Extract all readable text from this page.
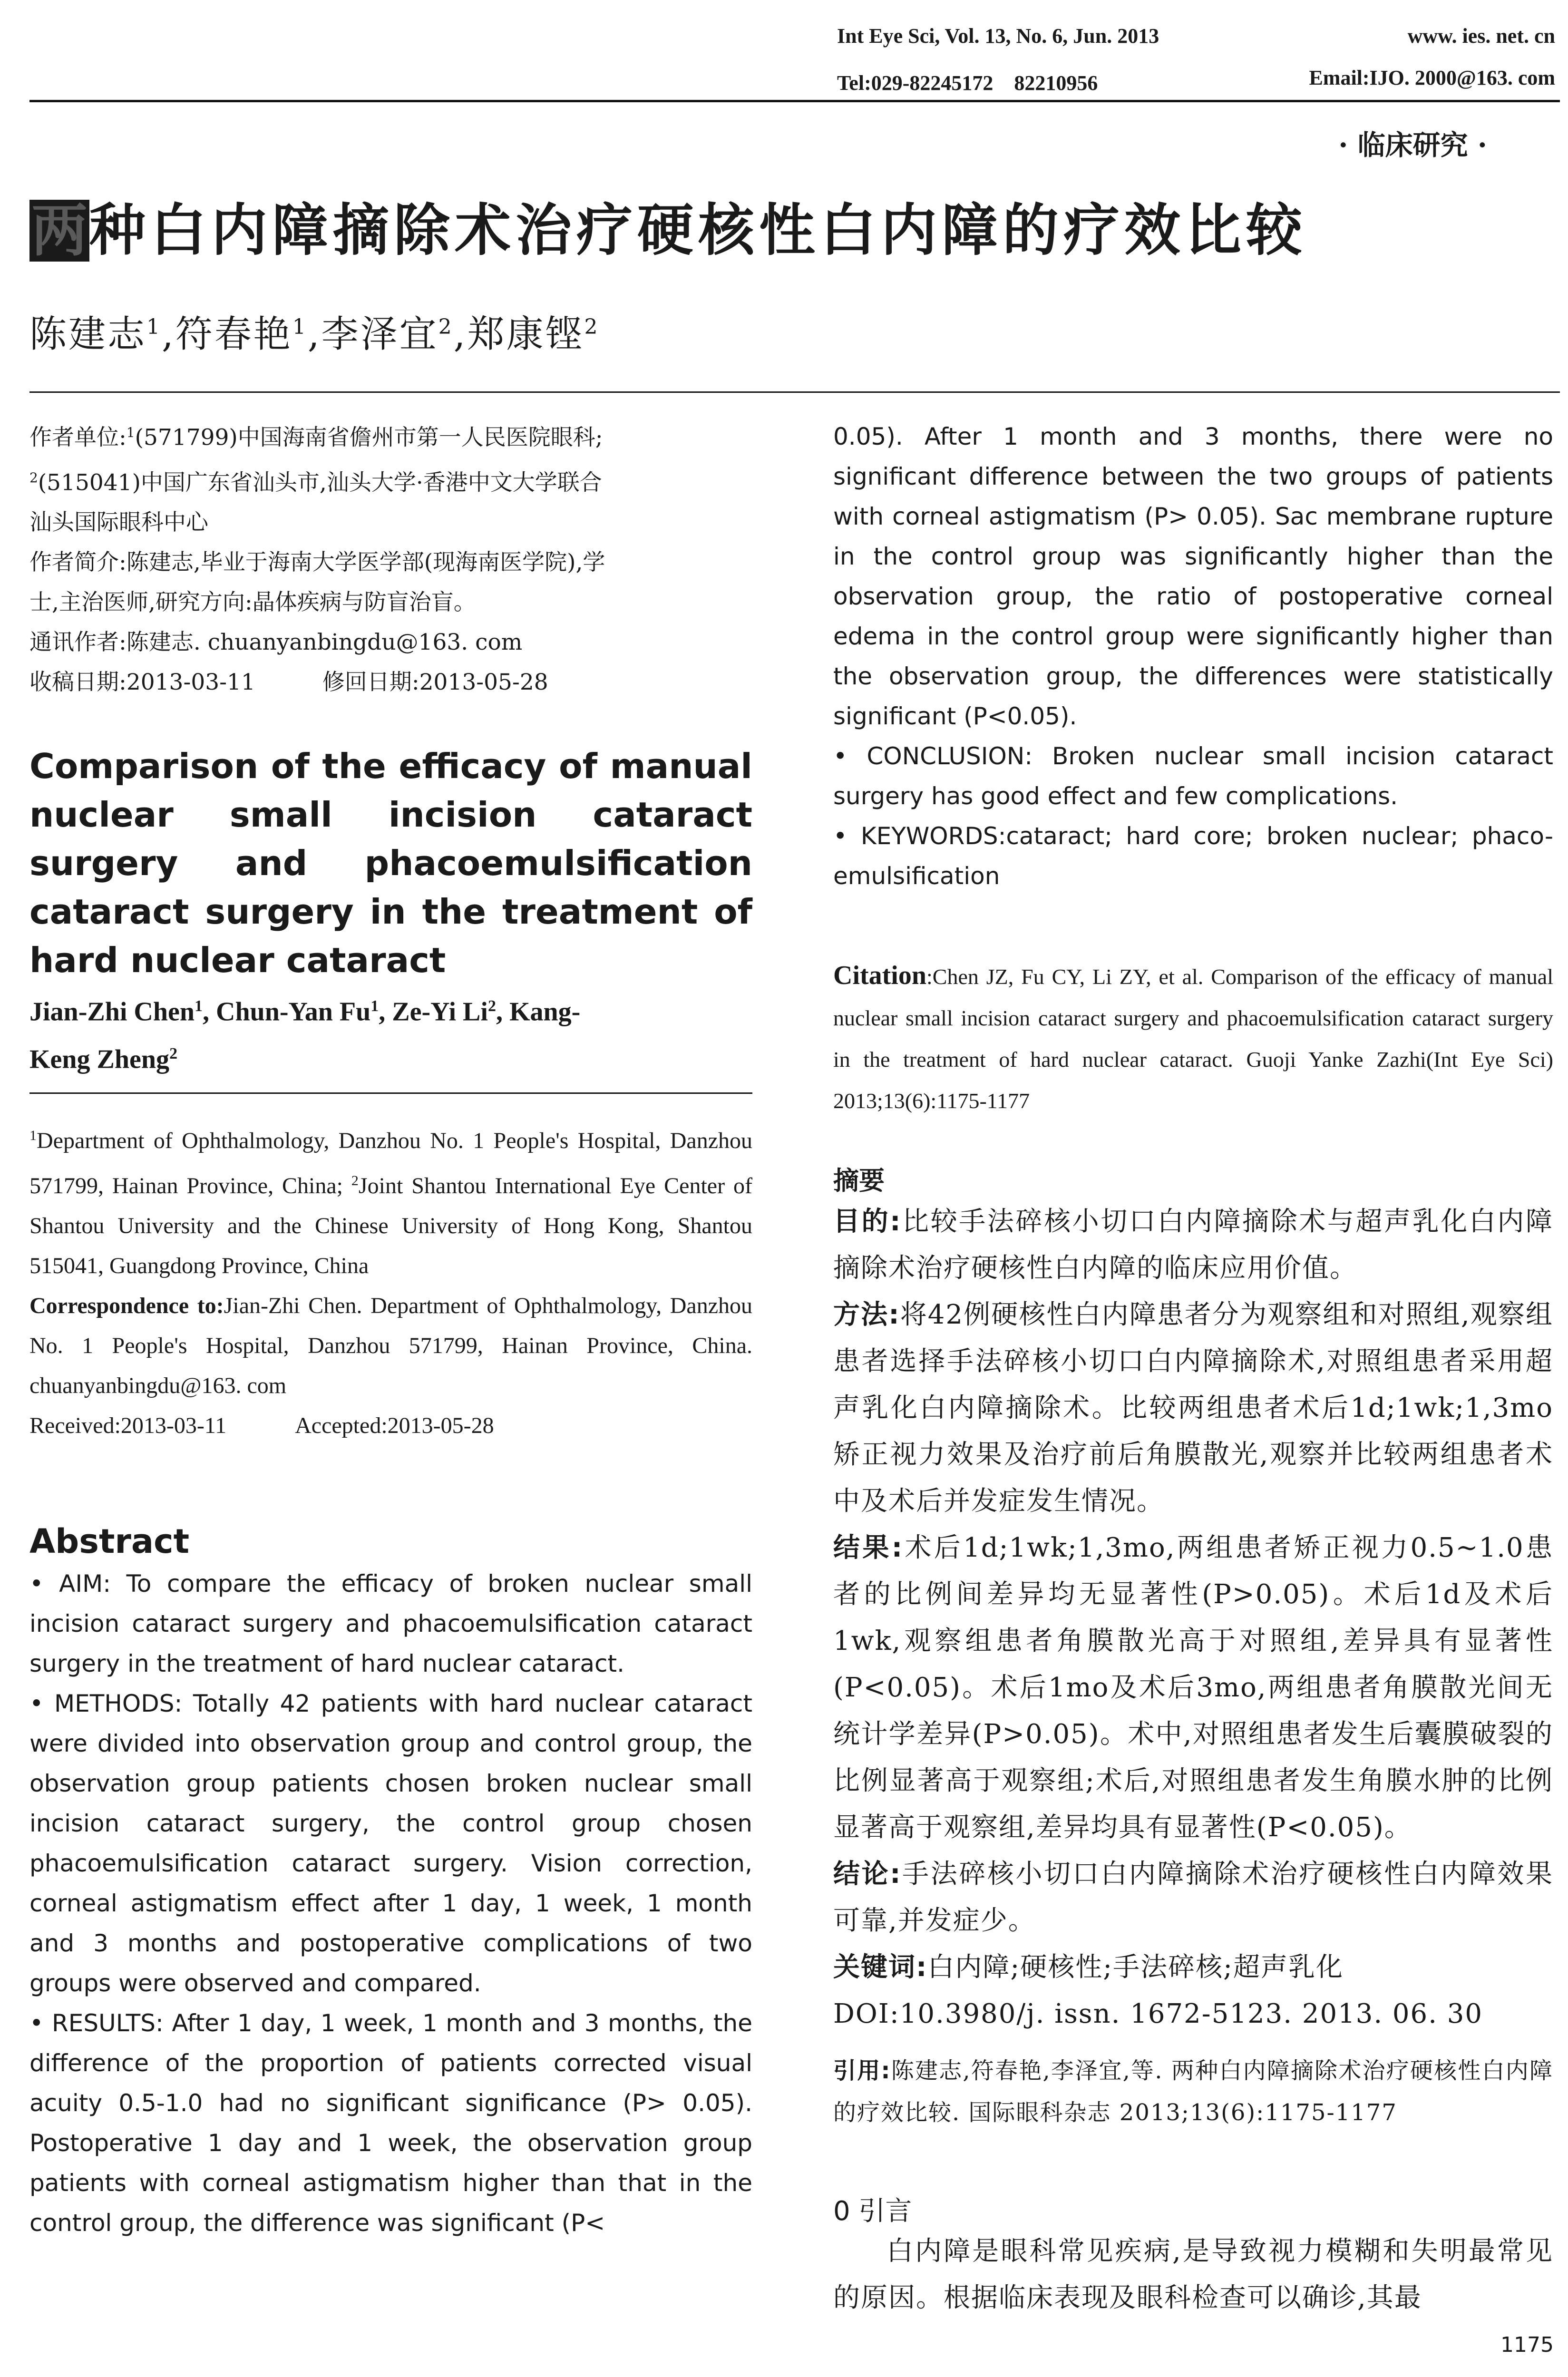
Int Eye Sci, Vol. 13, No. 6, Jun. 2013	www. ies. net. cn
Tel:029-82245172　82210956	Email:IJO. 2000@163. com
· 临床研究 ·
两 种白内障摘除术治疗硬核性白内障的疗效比较
陈建志$^1$,符春艳$^1$,李泽宜$^2$,郑康铿$^2$
作者单位:$^1$(571799)中国海南省儋州市第一人民医院眼科;
$^2$(515041)中国广东省汕头市,汕头大学·香港中文大学联合
汕头国际眼科中心
作者简介:陈建志,毕业于海南大学医学部(现海南医学院),学
士,主治医师,研究方向:晶体疾病与防盲治盲。
通讯作者:陈建志. chuanyanbingdu@163. com
收稿日期:2013-03-11　　　修回日期:2013-05-28
Comparison of the efficacy of manual nuclear small incision cataract surgery and phacoemulsification cataract surgery in the treatment of hard nuclear cataract
Jian-Zhi Chen$^1$, Chun-Yan Fu$^1$, Ze-Yi Li$^2$, Kang-
Keng Zheng$^2$
$^1$Department of Ophthalmology, Danzhou No. 1 People's Hospital, Danzhou 571799, Hainan Province, China; $^2$Joint Shantou International Eye Center of Shantou University and the Chinese University of Hong Kong, Shantou 515041, Guangdong Province, China
Correspondence to:Jian-Zhi Chen. Department of Ophthalmology, Danzhou No. 1 People's Hospital, Danzhou 571799, Hainan Province, China. chuanyanbingdu@163. com
Received:2013-03-11　　　Accepted:2013-05-28
Abstract
• AIM: To compare the efficacy of broken nuclear small incision cataract surgery and phacoemulsification cataract surgery in the treatment of hard nuclear cataract.
• METHODS: Totally 42 patients with hard nuclear cataract were divided into observation group and control group, the observation group patients chosen broken nuclear small incision cataract surgery, the control group chosen phacoemulsification cataract surgery. Vision correction, corneal astigmatism effect after 1 day, 1 week, 1 month and 3 months and postoperative complications of two groups were observed and compared.
• RESULTS: After 1 day, 1 week, 1 month and 3 months, the difference of the proportion of patients corrected visual acuity 0.5-1.0 had no significant significance (P> 0.05). Postoperative 1 day and 1 week, the observation group patients with corneal astigmatism higher than that in the control group, the difference was significant (P<
0.05). After 1 month and 3 months, there were no significant difference between the two groups of patients with corneal astigmatism (P> 0.05). Sac membrane rupture in the control group was significantly higher than the observation group, the ratio of postoperative corneal edema in the control group were significantly higher than the observation group, the differences were statistically significant (P<0.05).
• CONCLUSION: Broken nuclear small incision cataract surgery has good effect and few complications.
• KEYWORDS:cataract; hard core; broken nuclear; phaco-emulsification
Citation:Chen JZ, Fu CY, Li ZY, et al. Comparison of the efficacy of manual nuclear small incision cataract surgery and phacoemulsification cataract surgery in the treatment of hard nuclear cataract. Guoji Yanke Zazhi(Int Eye Sci) 2013;13(6):1175-1177
摘要
目的:比较手法碎核小切口白内障摘除术与超声乳化白内障摘除术治疗硬核性白内障的临床应用价值。
方法:将42例硬核性白内障患者分为观察组和对照组,观察组患者选择手法碎核小切口白内障摘除术,对照组患者采用超声乳化白内障摘除术。比较两组患者术后1d;1wk;1,3mo矫正视力效果及治疗前后角膜散光,观察并比较两组患者术中及术后并发症发生情况。
结果:术后1d;1wk;1,3mo,两组患者矫正视力0.5~1.0患者的比例间差异均无显著性(P>0.05)。术后1d及术后1wk,观察组患者角膜散光高于对照组,差异具有显著性(P<0.05)。术后1mo及术后3mo,两组患者角膜散光间无统计学差异(P>0.05)。术中,对照组患者发生后囊膜破裂的比例显著高于观察组;术后,对照组患者发生角膜水肿的比例显著高于观察组,差异均具有显著性(P<0.05)。
结论:手法碎核小切口白内障摘除术治疗硬核性白内障效果可靠,并发症少。
关键词:白内障;硬核性;手法碎核;超声乳化
DOI:10.3980/j. issn. 1672-5123. 2013. 06. 30
引用:陈建志,符春艳,李泽宜,等. 两种白内障摘除术治疗硬核性白内障的疗效比较. 国际眼科杂志 2013;13(6):1175-1177
0 引言
白内障是眼科常见疾病,是导致视力模糊和失明最常见的原因。根据临床表现及眼科检查可以确诊,其最
1175
